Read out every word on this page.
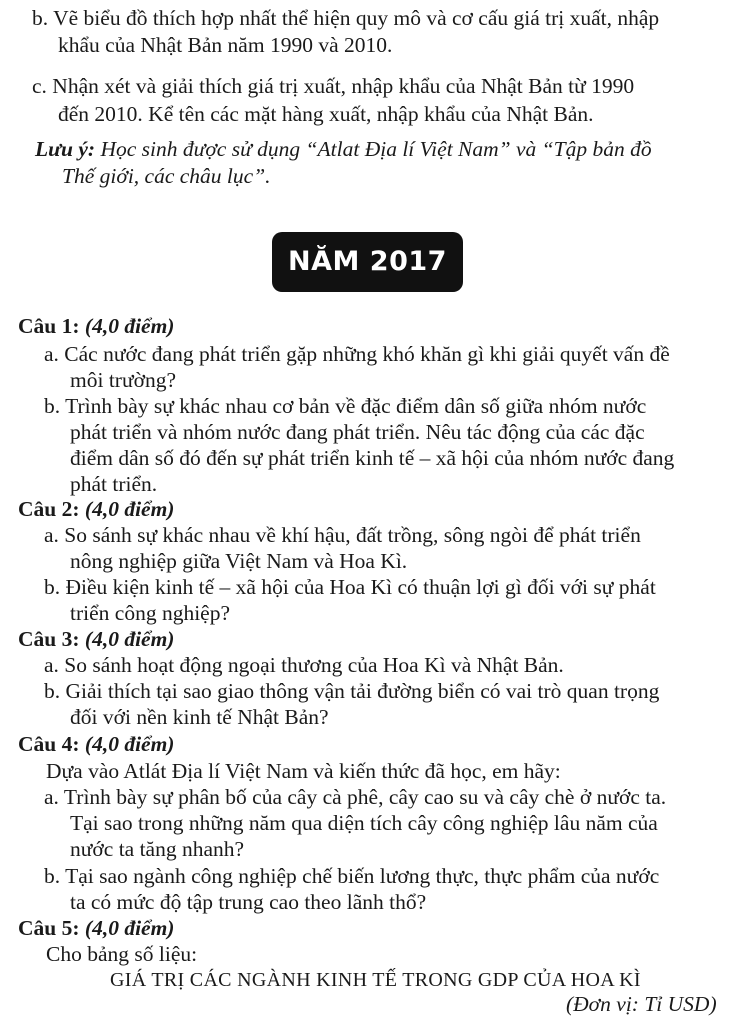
b. Vẽ biểu đồ thích hợp nhất thể hiện quy mô và cơ cấu giá trị xuất, nhập
khẩu của Nhật Bản năm 1990 và 2010.
c. Nhận xét và giải thích giá trị xuất, nhập khẩu của Nhật Bản từ 1990
đến 2010. Kể tên các mặt hàng xuất, nhập khẩu của Nhật Bản.
Lưu ý: Học sinh được sử dụng “Atlat Địa lí Việt Nam” và “Tập bản đồ
Thế giới, các châu lục”.
NĂM 2017
Câu 1: (4,0 điểm)
a. Các nước đang phát triển gặp những khó khăn gì khi giải quyết vấn đề
môi trường?
b. Trình bày sự khác nhau cơ bản về đặc điểm dân số giữa nhóm nước
phát triển và nhóm nước đang phát triển. Nêu tác động của các đặc
điểm dân số đó đến sự phát triển kinh tế – xã hội của nhóm nước đang
phát triển.
Câu 2: (4,0 điểm)
a. So sánh sự khác nhau về khí hậu, đất trồng, sông ngòi để phát triển
nông nghiệp giữa Việt Nam và Hoa Kì.
b. Điều kiện kinh tế – xã hội của Hoa Kì có thuận lợi gì đối với sự phát
triển công nghiệp?
Câu 3: (4,0 điểm)
a. So sánh hoạt động ngoại thương của Hoa Kì và Nhật Bản.
b. Giải thích tại sao giao thông vận tải đường biển có vai trò quan trọng
đối với nền kinh tế Nhật Bản?
Câu 4: (4,0 điểm)
Dựa vào Atlát Địa lí Việt Nam và kiến thức đã học, em hãy:
a. Trình bày sự phân bố của cây cà phê, cây cao su và cây chè ở nước ta.
Tại sao trong những năm qua diện tích cây công nghiệp lâu năm của
nước ta tăng nhanh?
b. Tại sao ngành công nghiệp chế biến lương thực, thực phẩm của nước
ta có mức độ tập trung cao theo lãnh thổ?
Câu 5: (4,0 điểm)
Cho bảng số liệu:
GIÁ TRỊ CÁC NGÀNH KINH TẾ TRONG GDP CỦA HOA KÌ
(Đơn vị: Tỉ USD)
